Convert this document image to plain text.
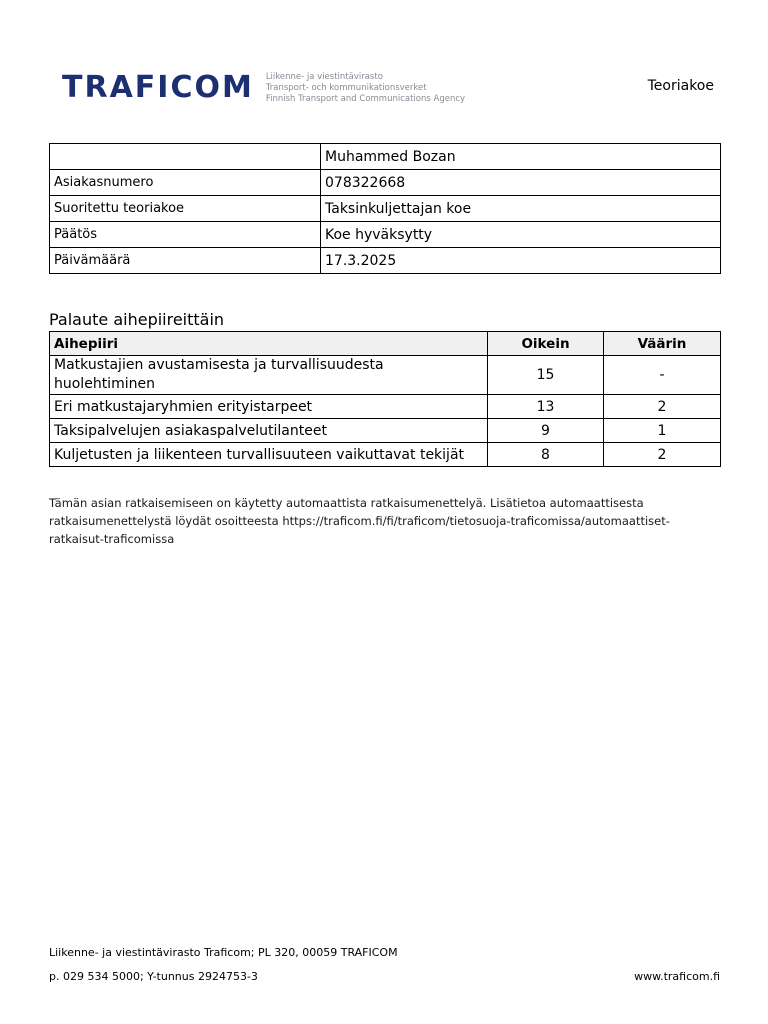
TRAFICOM Liikenne- ja viestintävirasto
Transport- och kommunikationsverket
Finnish Transport and Communications Agency
Teoriakoe
	Muhammed Bozan
Asiakasnumero	078322668
Suoritettu teoriakoe	Taksinkuljettajan koe
Päätös	Koe hyväksytty
Päivämäärä	17.3.2025
Palaute aihepiireittäin
Aihepiiri	Oikein	Väärin
Matkustajien avustamisesta ja turvallisuudesta huolehtiminen	15	-
Eri matkustajaryhmien erityistarpeet	13	2
Taksipalvelujen asiakaspalvelutilanteet	9	1
Kuljetusten ja liikenteen turvallisuuteen vaikuttavat tekijät	8	2
Tämän asian ratkaisemiseen on käytetty automaattista ratkaisumenettelyä. Lisätietoa automaattisesta ratkaisumenettelystä löydät osoitteesta https://traficom.fi/fi/traficom/tietosuoja-traficomissa/automaattiset-ratkaisut-traficomissa
Liikenne- ja viestintävirasto Traficom; PL 320, 00059 TRAFICOM
p. 029 534 5000; Y-tunnus 2924753-3	www.traficom.fi
